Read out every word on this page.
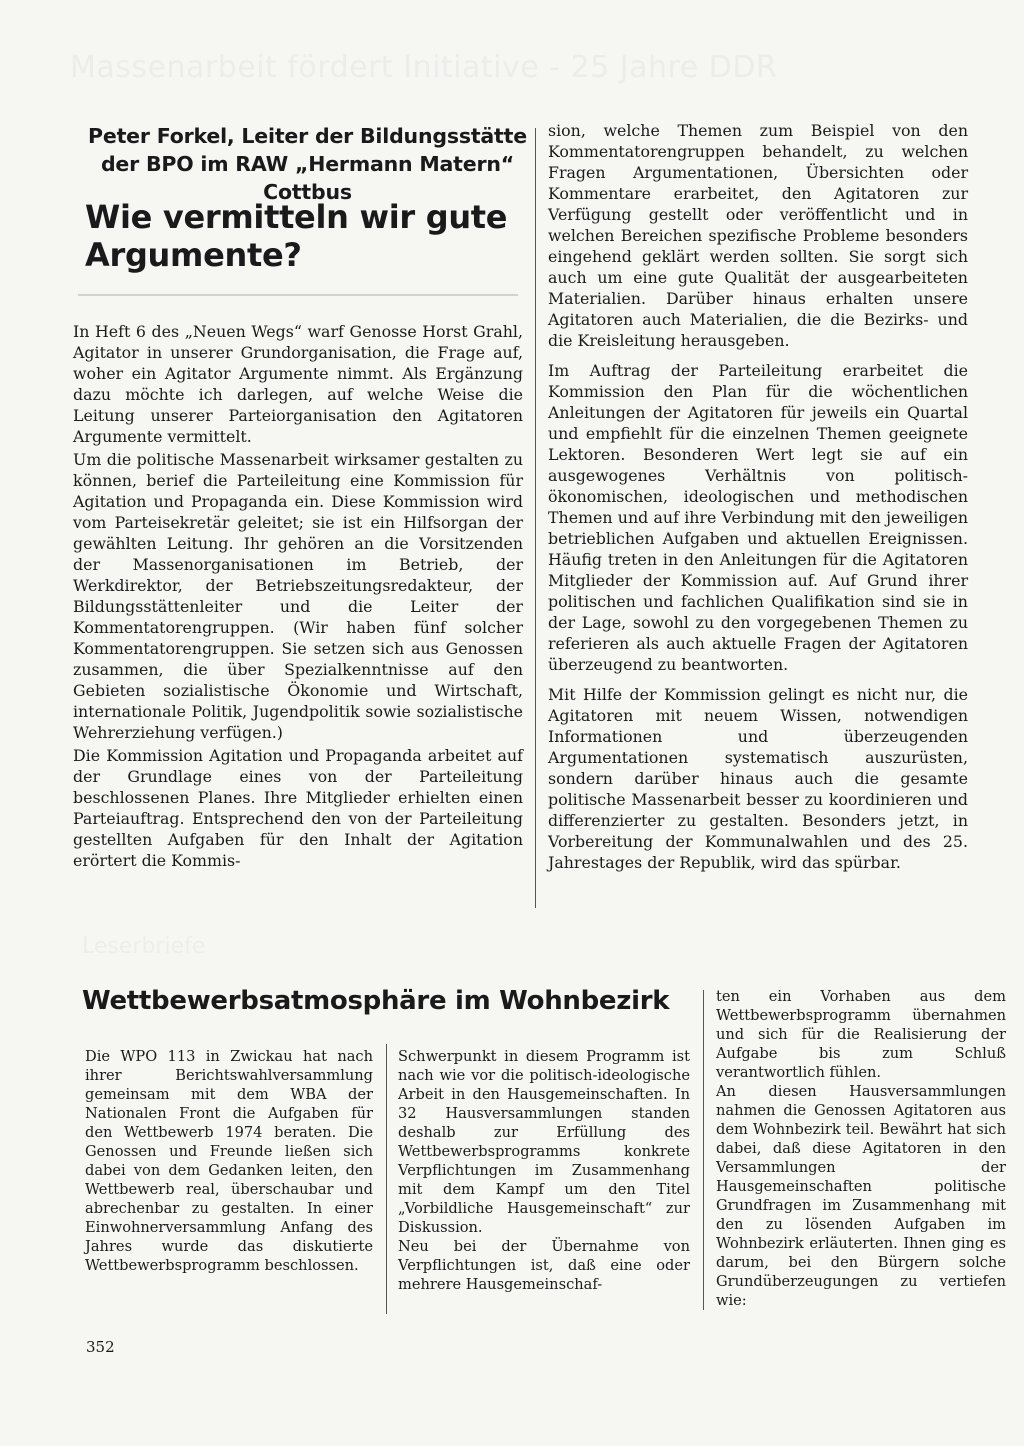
Massenarbeit fördert Initiative - 25 Jahre DDR
Leserbriefe
Peter Forkel, Leiter der Bildungsstätte der BPO im RAW „Hermann Matern“ Cottbus
Wie vermitteln wir gute Argumente?

In Heft 6 des „Neuen Wegs“ warf Genosse Horst Grahl, Agitator in unserer Grundorganisation, die Frage auf, woher ein Agitator Argumente nimmt. Als Ergänzung dazu möchte ich darlegen, auf welche Weise die Leitung unserer Parteiorganisation den Agitatoren Argumente vermittelt.

Um die politische Massenarbeit wirksamer gestalten zu können, berief die Parteileitung eine Kommission für Agitation und Propaganda ein. Diese Kommission wird vom Parteisekretär geleitet; sie ist ein Hilfsorgan der gewählten Leitung. Ihr gehören an die Vorsitzenden der Massenorganisationen im Betrieb, der Werkdirektor, der Betriebszeitungsredakteur, der Bildungsstättenleiter und die Leiter der Kommentatorengruppen. (Wir haben fünf solcher Kommentatorengruppen. Sie setzen sich aus Genossen zusammen, die über Spezialkenntnisse auf den Gebieten sozialistische Ökonomie und Wirtschaft, internationale Politik, Jugendpolitik sowie sozialistische Wehrerziehung verfügen.)

Die Kommission Agitation und Propaganda arbeitet auf der Grundlage eines von der Parteileitung beschlossenen Planes. Ihre Mitglieder erhielten einen Parteiauftrag. Entsprechend den von der Parteileitung gestellten Aufgaben für den Inhalt der Agitation erörtert die Kommis-

sion, welche Themen zum Beispiel von den Kommentatorengruppen behandelt, zu welchen Fragen Argumentationen, Übersichten oder Kommentare erarbeitet, den Agitatoren zur Verfügung gestellt oder veröffentlicht und in welchen Bereichen spezifische Probleme besonders eingehend geklärt werden sollten. Sie sorgt sich auch um eine gute Qualität der ausgearbeiteten Materialien. Darüber hinaus erhalten unsere Agitatoren auch Materialien, die die Bezirks- und die Kreisleitung herausgeben.

Im Auftrag der Parteileitung erarbeitet die Kommission den Plan für die wöchentlichen Anleitungen der Agitatoren für jeweils ein Quartal und empfiehlt für die einzelnen Themen geeignete Lektoren. Besonderen Wert legt sie auf ein ausgewogenes Verhältnis von politisch-ökonomischen, ideologischen und methodischen Themen und auf ihre Verbindung mit den jeweiligen betrieblichen Aufgaben und aktuellen Ereignissen. Häufig treten in den Anleitungen für die Agitatoren Mitglieder der Kommission auf. Auf Grund ihrer politischen und fachlichen Qualifikation sind sie in der Lage, sowohl zu den vorgegebenen Themen zu referieren als auch aktuelle Fragen der Agitatoren überzeugend zu beantworten.

Mit Hilfe der Kommission gelingt es nicht nur, die Agitatoren mit neuem Wissen, notwendigen Informationen und überzeugenden Argumentationen systematisch auszurüsten, sondern darüber hinaus auch die gesamte politische Massenarbeit besser zu koordinieren und differenzierter zu gestalten. Besonders jetzt, in Vorbereitung der Kommunalwahlen und des 25. Jahrestages der Republik, wird das spürbar.

Wettbewerbsatmosphäre im Wohnbezirk

Die WPO 113 in Zwickau hat nach ihrer Berichtswahlversammlung gemeinsam mit dem WBA der Nationalen Front die Aufgaben für den Wettbewerb 1974 beraten. Die Genossen und Freunde ließen sich dabei von dem Gedanken leiten, den Wettbewerb real, überschaubar und abrechenbar zu gestalten. In einer Einwohnerversammlung Anfang des Jahres wurde das diskutierte Wettbewerbsprogramm beschlossen.

Schwerpunkt in diesem Programm ist nach wie vor die politisch-ideologische Arbeit in den Hausgemeinschaften. In 32 Hausversammlungen standen deshalb zur Erfüllung des Wettbewerbsprogramms konkrete Verpflichtungen im Zusammenhang mit dem Kampf um den Titel „Vorbildliche Hausgemeinschaft“ zur Diskussion.

Neu bei der Übernahme von Verpflichtungen ist, daß eine oder mehrere Hausgemeinschaf-

ten ein Vorhaben aus dem Wettbewerbsprogramm übernahmen und sich für die Realisierung der Aufgabe bis zum Schluß verantwortlich fühlen.

An diesen Hausversammlungen nahmen die Genossen Agitatoren aus dem Wohnbezirk teil. Bewährt hat sich dabei, daß diese Agitatoren in den Versammlungen der Hausgemeinschaften politische Grundfragen im Zusammenhang mit den zu lösenden Aufgaben im Wohnbezirk erläuterten. Ihnen ging es darum, bei den Bürgern solche Grundüberzeugungen zu vertiefen wie:

352
